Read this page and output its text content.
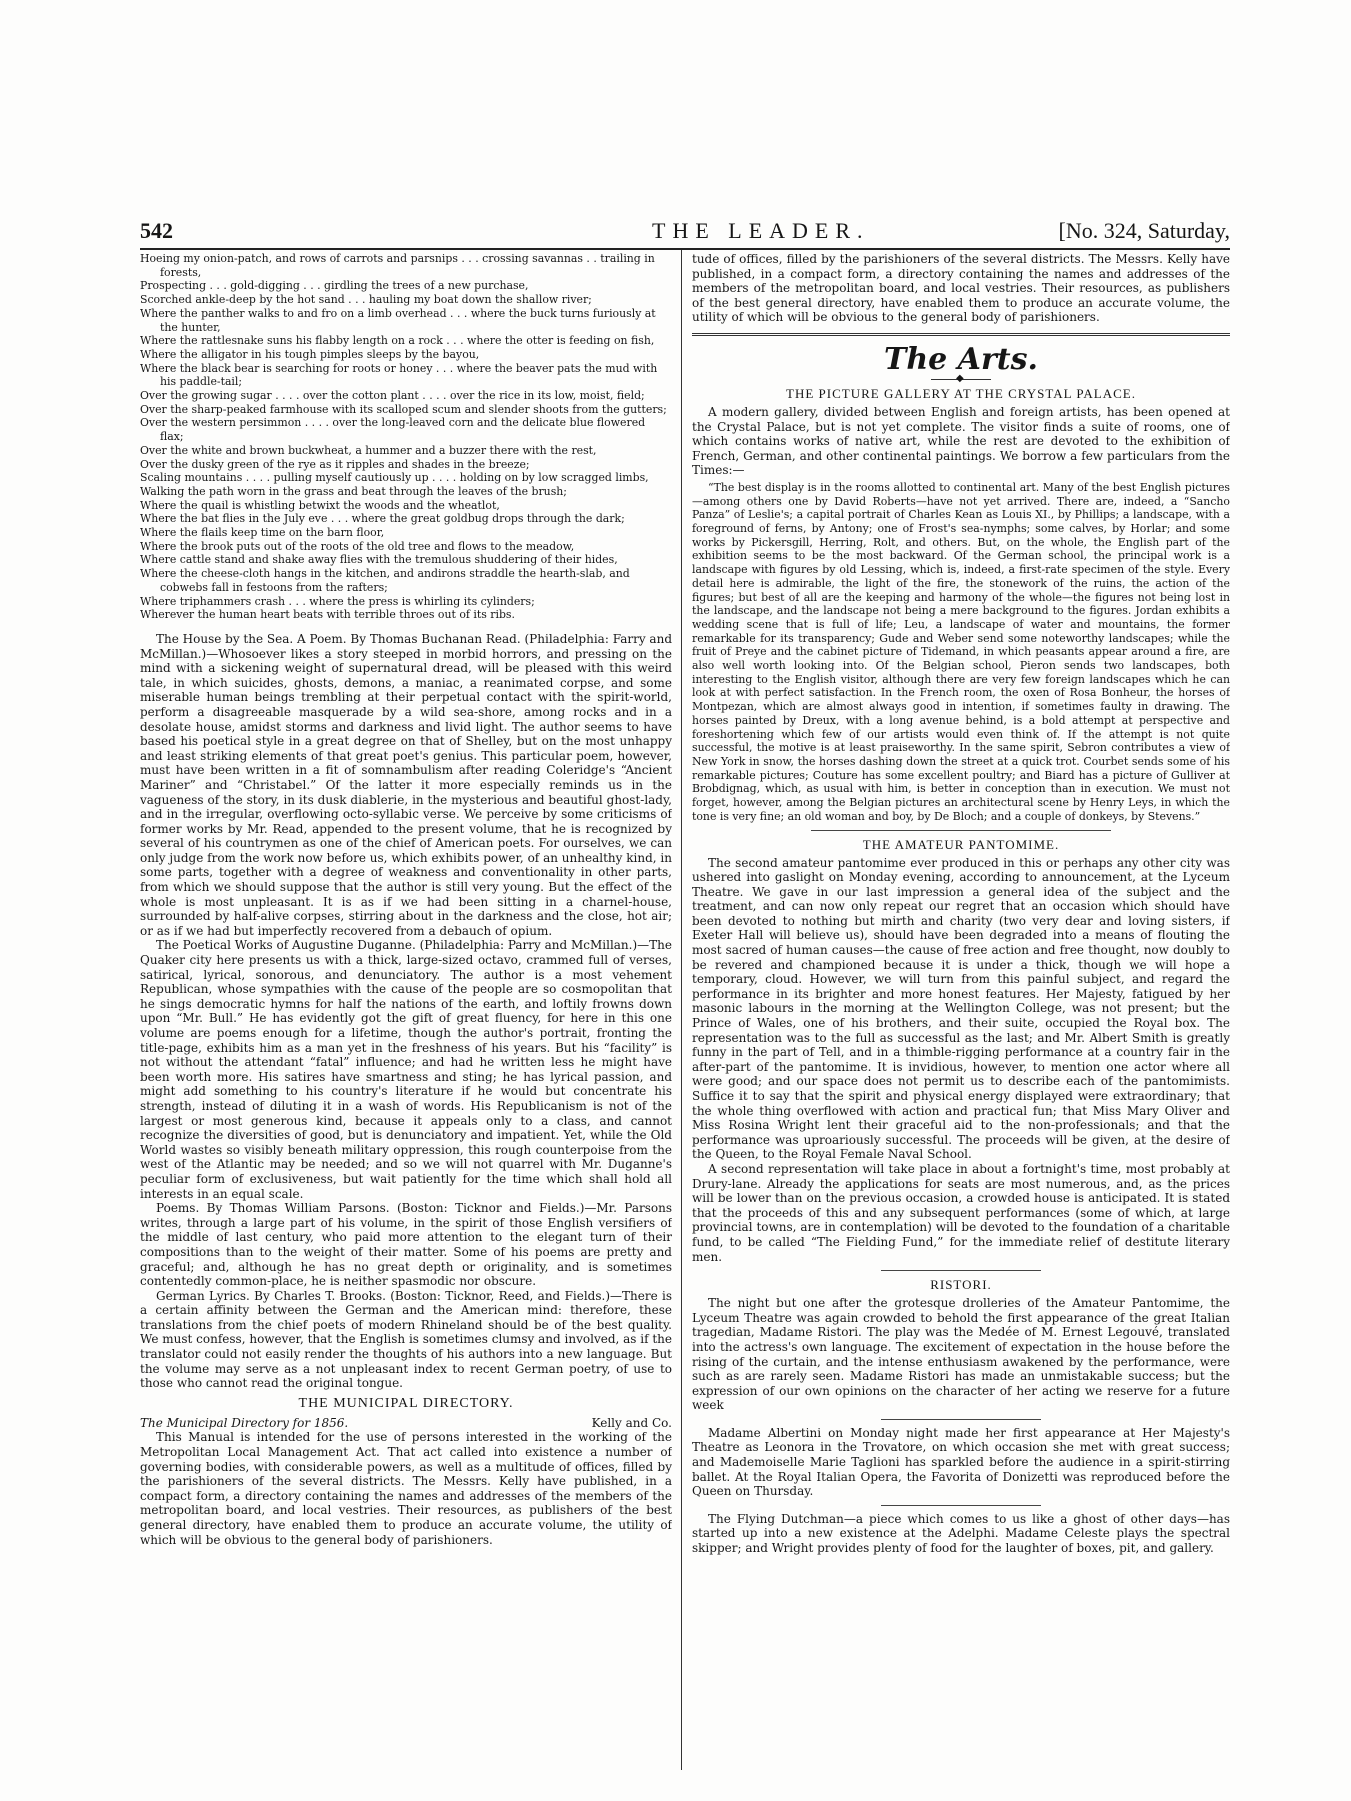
542	THE LEADER.	[No. 324, Saturday,

Hoeing my onion-patch, and rows of carrots and parsnips . . . crossing savannas . . trailing in forests,

Prospecting . . . gold-digging . . . girdling the trees of a new purchase,

Scorched ankle-deep by the hot sand . . . hauling my boat down the shallow river;

Where the panther walks to and fro on a limb overhead . . . where the buck turns furiously at the hunter,

Where the rattlesnake suns his flabby length on a rock . . . where the otter is feeding on fish,

Where the alligator in his tough pimples sleeps by the bayou,

Where the black bear is searching for roots or honey . . . where the beaver pats the mud with his paddle-tail;

Over the growing sugar . . . . over the cotton plant . . . . over the rice in its low, moist, field;

Over the sharp-peaked farmhouse with its scalloped scum and slender shoots from the gutters;

Over the western persimmon . . . . over the long-leaved corn and the delicate blue flowered flax;

Over the white and brown buckwheat, a hummer and a buzzer there with the rest,

Over the dusky green of the rye as it ripples and shades in the breeze;

Scaling mountains . . . . pulling myself cautiously up . . . . holding on by low scragged limbs,

Walking the path worn in the grass and beat through the leaves of the brush;

Where the quail is whistling betwixt the woods and the wheatlot,

Where the bat flies in the July eve . . . where the great goldbug drops through the dark;

Where the flails keep time on the barn floor,

Where the brook puts out of the roots of the old tree and flows to the meadow,

Where cattle stand and shake away flies with the tremulous shuddering of their hides,

Where the cheese-cloth hangs in the kitchen, and andirons straddle the hearth-slab, and cobwebs fall in festoons from the rafters;

Where triphammers crash . . . where the press is whirling its cylinders;

Wherever the human heart beats with terrible throes out of its ribs.

The House by the Sea. A Poem. By Thomas Buchanan Read. (Philadelphia: Farry and McMillan.)—Whosoever likes a story steeped in morbid horrors, and pressing on the mind with a sickening weight of supernatural dread, will be pleased with this weird tale, in which suicides, ghosts, demons, a maniac, a reanimated corpse, and some miserable human beings trembling at their perpetual contact with the spirit-world, perform a disagreeable masquerade by a wild sea-shore, among rocks and in a desolate house, amidst storms and darkness and livid light. The author seems to have based his poetical style in a great degree on that of Shelley, but on the most unhappy and least striking elements of that great poet's genius. This particular poem, however, must have been written in a fit of somnambulism after reading Coleridge's “Ancient Mariner” and “Christabel.” Of the latter it more especially reminds us in the vagueness of the story, in its dusk diablerie, in the mysterious and beautiful ghost-lady, and in the irregular, overflowing octo-syllabic verse. We perceive by some criticisms of former works by Mr. Read, appended to the present volume, that he is recognized by several of his countrymen as one of the chief of American poets. For ourselves, we can only judge from the work now before us, which exhibits power, of an unhealthy kind, in some parts, together with a degree of weakness and conventionality in other parts, from which we should suppose that the author is still very young. But the effect of the whole is most unpleasant. It is as if we had been sitting in a charnel-house, surrounded by half-alive corpses, stirring about in the darkness and the close, hot air; or as if we had but imperfectly recovered from a debauch of opium.

The Poetical Works of Augustine Duganne. (Philadelphia: Parry and McMillan.)—The Quaker city here presents us with a thick, large-sized octavo, crammed full of verses, satirical, lyrical, sonorous, and denunciatory. The author is a most vehement Republican, whose sympathies with the cause of the people are so cosmopolitan that he sings democratic hymns for half the nations of the earth, and loftily frowns down upon “Mr. Bull.” He has evidently got the gift of great fluency, for here in this one volume are poems enough for a lifetime, though the author's portrait, fronting the title-page, exhibits him as a man yet in the freshness of his years. But his “facility” is not without the attendant “fatal” influence; and had he written less he might have been worth more. His satires have smartness and sting; he has lyrical passion, and might add something to his country's literature if he would but concentrate his strength, instead of diluting it in a wash of words. His Republicanism is not of the largest or most generous kind, because it appeals only to a class, and cannot recognize the diversities of good, but is denunciatory and impatient. Yet, while the Old World wastes so visibly beneath military oppression, this rough counterpoise from the west of the Atlantic may be needed; and so we will not quarrel with Mr. Duganne's peculiar form of exclusiveness, but wait patiently for the time which shall hold all interests in an equal scale.

Poems. By Thomas William Parsons. (Boston: Ticknor and Fields.)—Mr. Parsons writes, through a large part of his volume, in the spirit of those English versifiers of the middle of last century, who paid more attention to the elegant turn of their compositions than to the weight of their matter. Some of his poems are pretty and graceful; and, although he has no great depth or originality, and is sometimes contentedly common-place, he is neither spasmodic nor obscure.

German Lyrics. By Charles T. Brooks. (Boston: Ticknor, Reed, and Fields.)—There is a certain affinity between the German and the American mind: therefore, these translations from the chief poets of modern Rhineland should be of the best quality. We must confess, however, that the English is sometimes clumsy and involved, as if the translator could not easily render the thoughts of his authors into a new language. But the volume may serve as a not unpleasant index to recent German poetry, of use to those who cannot read the original tongue.

THE MUNICIPAL DIRECTORY.
The Municipal Directory for 1856.	Kelly and Co.

This Manual is intended for the use of persons interested in the working of the Metropolitan Local Management Act. That act called into existence a number of governing bodies, with considerable powers, as well as a multitude of offices, filled by the parishioners of the several districts. The Messrs. Kelly have published, in a compact form, a directory containing the names and addresses of the members of the metropolitan board, and local vestries. Their resources, as publishers of the best general directory, have enabled them to produce an accurate volume, the utility of which will be obvious to the general body of parishioners.

tude of offices, filled by the parishioners of the several districts. The Messrs. Kelly have published, in a compact form, a directory containing the names and addresses of the members of the metropolitan board, and local vestries. Their resources, as publishers of the best general directory, have enabled them to produce an accurate volume, the utility of which will be obvious to the general body of parishioners.

The Arts.
◆
THE PICTURE GALLERY AT THE CRYSTAL PALACE.

A modern gallery, divided between English and foreign artists, has been opened at the Crystal Palace, but is not yet complete. The visitor finds a suite of rooms, one of which contains works of native art, while the rest are devoted to the exhibition of French, German, and other continental paintings. We borrow a few particulars from the Times:—

“The best display is in the rooms allotted to continental art. Many of the best English pictures—among others one by David Roberts—have not yet arrived. There are, indeed, a “Sancho Panza” of Leslie's; a capital portrait of Charles Kean as Louis XI., by Phillips; a landscape, with a foreground of ferns, by Antony; one of Frost's sea-nymphs; some calves, by Horlar; and some works by Pickersgill, Herring, Rolt, and others. But, on the whole, the English part of the exhibition seems to be the most backward. Of the German school, the principal work is a landscape with figures by old Lessing, which is, indeed, a first-rate specimen of the style. Every detail here is admirable, the light of the fire, the stonework of the ruins, the action of the figures; but best of all are the keeping and harmony of the whole—the figures not being lost in the landscape, and the landscape not being a mere background to the figures. Jordan exhibits a wedding scene that is full of life; Leu, a landscape of water and mountains, the former remarkable for its transparency; Gude and Weber send some noteworthy landscapes; while the fruit of Preye and the cabinet picture of Tidemand, in which peasants appear around a fire, are also well worth looking into. Of the Belgian school, Pieron sends two landscapes, both interesting to the English visitor, although there are very few foreign landscapes which he can look at with perfect satisfaction. In the French room, the oxen of Rosa Bonheur, the horses of Montpezan, which are almost always good in intention, if sometimes faulty in drawing. The horses painted by Dreux, with a long avenue behind, is a bold attempt at perspective and foreshortening which few of our artists would even think of. If the attempt is not quite successful, the motive is at least praiseworthy. In the same spirit, Sebron contributes a view of New York in snow, the horses dashing down the street at a quick trot. Courbet sends some of his remarkable pictures; Couture has some excellent poultry; and Biard has a picture of Gulliver at Brobdignag, which, as usual with him, is better in conception than in execution. We must not forget, however, among the Belgian pictures an architectural scene by Henry Leys, in which the tone is very fine; an old woman and boy, by De Bloch; and a couple of donkeys, by Stevens.”

THE AMATEUR PANTOMIME.

The second amateur pantomime ever produced in this or perhaps any other city was ushered into gaslight on Monday evening, according to announcement, at the Lyceum Theatre. We gave in our last impression a general idea of the subject and the treatment, and can now only repeat our regret that an occasion which should have been devoted to nothing but mirth and charity (two very dear and loving sisters, if Exeter Hall will believe us), should have been degraded into a means of flouting the most sacred of human causes—the cause of free action and free thought, now doubly to be revered and championed because it is under a thick, though we will hope a temporary, cloud. However, we will turn from this painful subject, and regard the performance in its brighter and more honest features. Her Majesty, fatigued by her masonic labours in the morning at the Wellington College, was not present; but the Prince of Wales, one of his brothers, and their suite, occupied the Royal box. The representation was to the full as successful as the last; and Mr. Albert Smith is greatly funny in the part of Tell, and in a thimble-rigging performance at a country fair in the after-part of the pantomime. It is invidious, however, to mention one actor where all were good; and our space does not permit us to describe each of the pantomimists. Suffice it to say that the spirit and physical energy displayed were extraordinary; that the whole thing overflowed with action and practical fun; that Miss Mary Oliver and Miss Rosina Wright lent their graceful aid to the non-professionals; and that the performance was uproariously successful. The proceeds will be given, at the desire of the Queen, to the Royal Female Naval School.

A second representation will take place in about a fortnight's time, most probably at Drury-lane. Already the applications for seats are most numerous, and, as the prices will be lower than on the previous occasion, a crowded house is anticipated. It is stated that the proceeds of this and any subsequent performances (some of which, at large provincial towns, are in contemplation) will be devoted to the foundation of a charitable fund, to be called “The Fielding Fund,” for the immediate relief of destitute literary men.

RISTORI.

The night but one after the grotesque drolleries of the Amateur Pantomime, the Lyceum Theatre was again crowded to behold the first appearance of the great Italian tragedian, Madame Ristori. The play was the Medée of M. Ernest Legouvé, translated into the actress's own language. The excitement of expectation in the house before the rising of the curtain, and the intense enthusiasm awakened by the performance, were such as are rarely seen. Madame Ristori has made an unmistakable success; but the expression of our own opinions on the character of her acting we reserve for a future week

Madame Albertini on Monday night made her first appearance at Her Majesty's Theatre as Leonora in the Trovatore, on which occasion she met with great success; and Mademoiselle Marie Taglioni has sparkled before the audience in a spirit-stirring ballet. At the Royal Italian Opera, the Favorita of Donizetti was reproduced before the Queen on Thursday.

The Flying Dutchman—a piece which comes to us like a ghost of other days—has started up into a new existence at the Adelphi. Madame Celeste plays the spectral skipper; and Wright provides plenty of food for the laughter of boxes, pit, and gallery.
